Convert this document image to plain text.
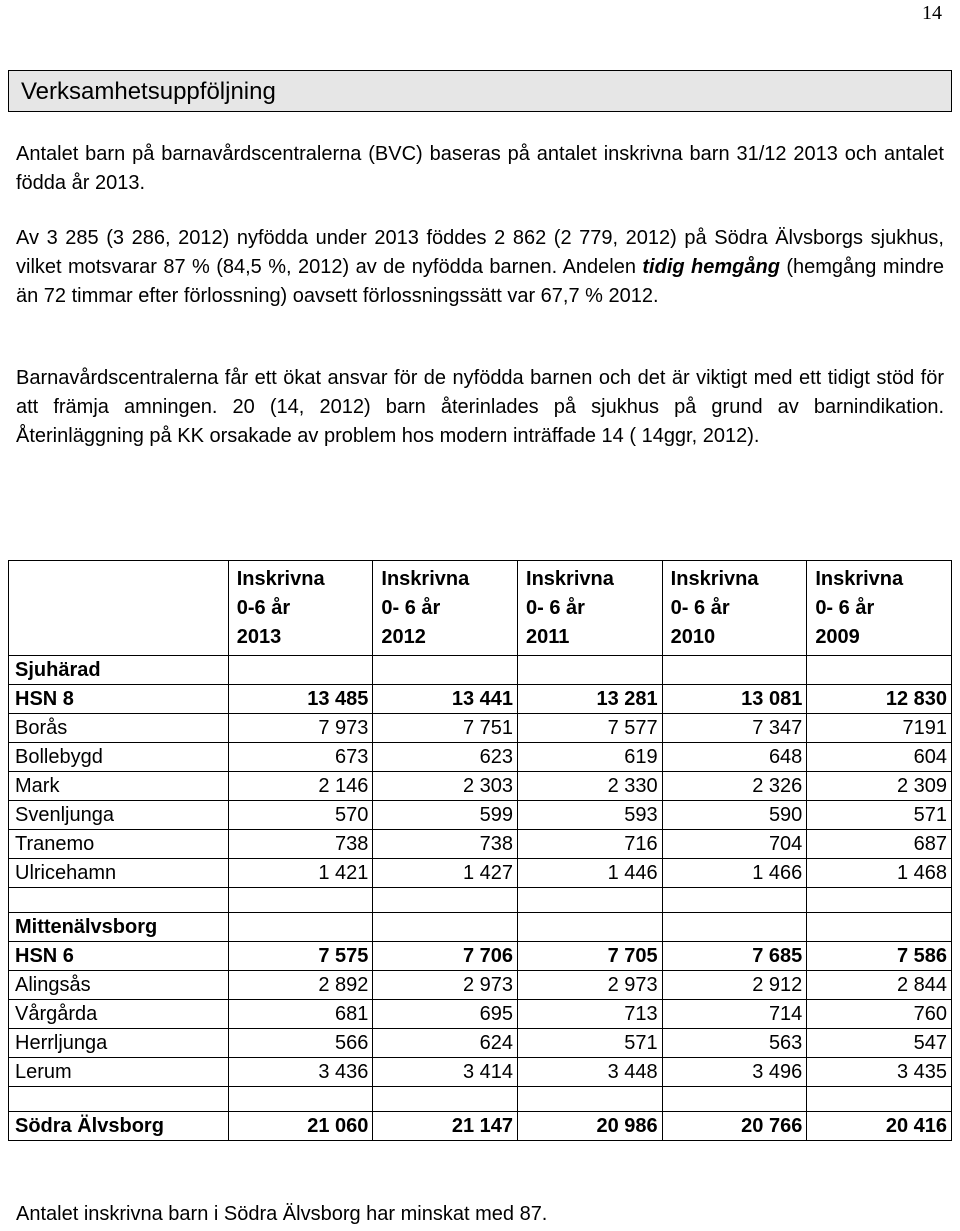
14
Verksamhetsuppföljning

Antalet barn på barnavårdscentralerna (BVC) baseras på antalet inskrivna barn 31/12 2013 och antalet födda år 2013.

Av 3 285 (3 286, 2012) nyfödda under 2013 föddes 2 862 (2 779, 2012) på Södra Älvsborgs sjukhus, vilket motsvarar 87 % (84,5 %, 2012) av de nyfödda barnen. Andelen tidig hemgång (hemgång mindre än 72 timmar efter förlossning) oavsett förlossningssätt var 67,7 % 2012.

Barnavårdscentralerna får ett ökat ansvar för de nyfödda barnen och det är viktigt med ett tidigt stöd för att främja amningen. 20 (14, 2012) barn återinlades på sjukhus på grund av barnindikation. Återinläggning på KK orsakade av problem hos modern inträffade 14 ( 14ggr, 2012).

	Inskrivna
0-6 år
2013	Inskrivna
0- 6 år
2012	Inskrivna
0- 6 år
2011	Inskrivna
0- 6 år
2010	Inskrivna
0- 6 år
2009
Sjuhärad					
HSN 8	13 485	13 441	13 281	13 081	12 830
Borås	7 973	7 751	7 577	7 347	7191
Bollebygd	673	623	619	648	604
Mark	2 146	2 303	2 330	2 326	2 309
Svenljunga	570	599	593	590	571
Tranemo	738	738	716	704	687
Ulricehamn	1 421	1 427	1 446	1 466	1 468

Mittenälvsborg					
HSN 6	7 575	7 706	7 705	7 685	7 586
Alingsås	2 892	2 973	2 973	2 912	2 844
Vårgårda	681	695	713	714	760
Herrljunga	566	624	571	563	547
Lerum	3 436	3 414	3 448	3 496	3 435

Södra Älvsborg	21 060	21 147	20 986	20 766	20 416

Antalet inskrivna barn i Södra Älvsborg har minskat med 87.
